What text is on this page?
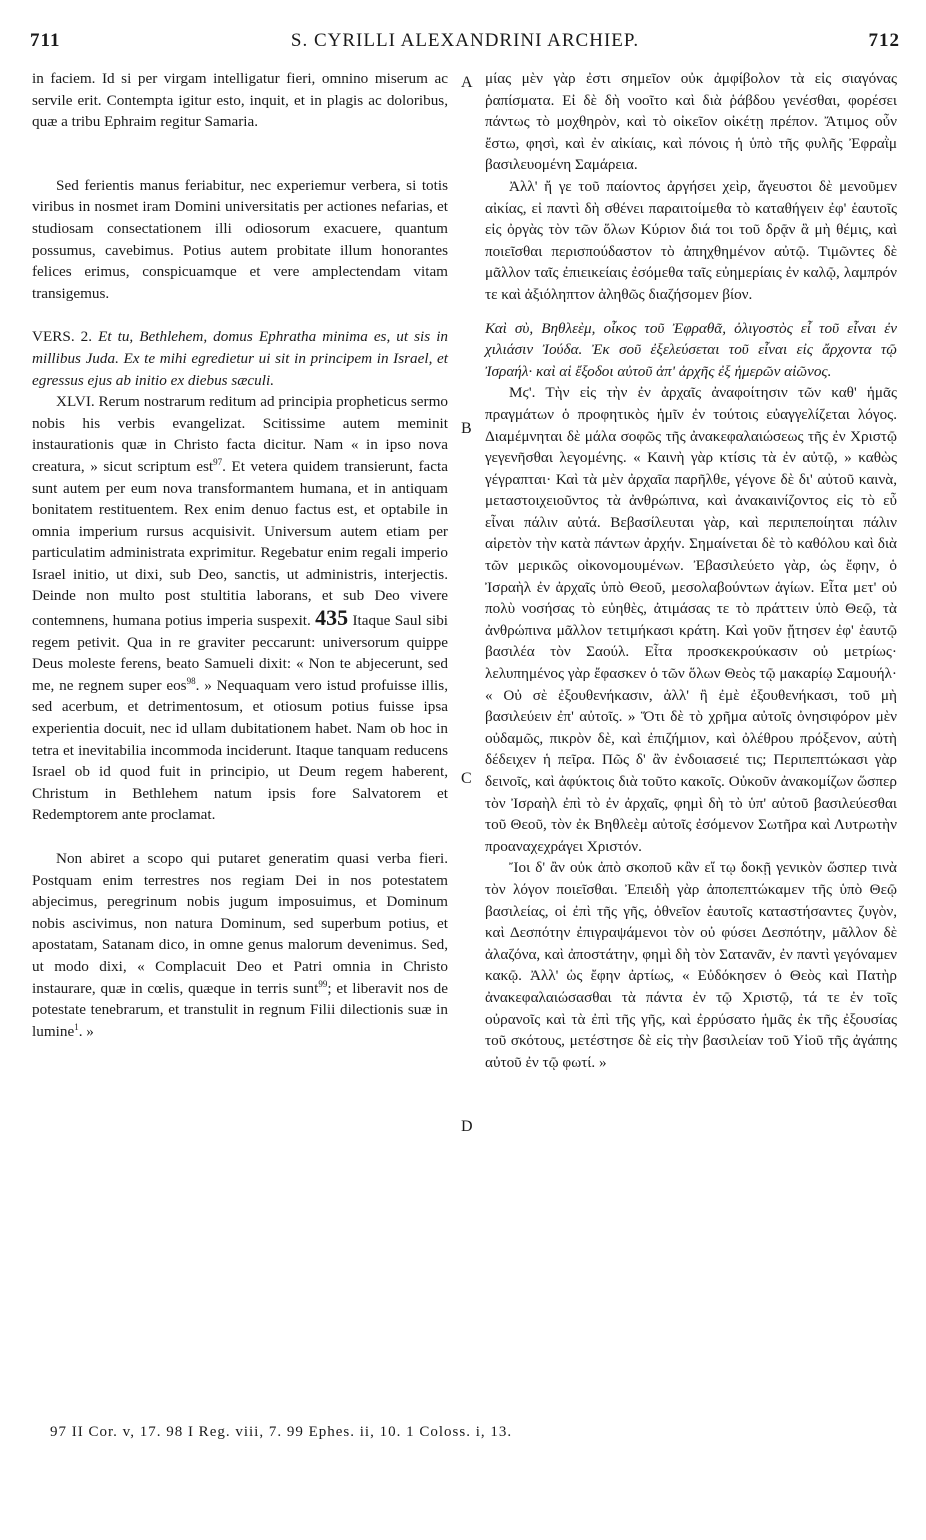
711	S. CYRILLI ALEXANDRINI ARCHIEP.	712
A
B
C
D

in faciem. Id si per virgam intelligatur fieri, omnino miserum ac servile erit. Contempta igitur esto, inquit, et in plagis ac doloribus, quæ a tribu Ephraim regitur Samaria.

Sed ferientis manus feriabitur, nec experiemur verbera, si totis viribus in nosmet iram Domini universitatis per actiones nefarias, et studiosam consectationem illi odiosorum exacuere, quantum possumus, cavebimus. Potius autem probitate illum honorantes felices erimus, conspicuamque et vere amplectendam vitam transigemus.

VERS. 2. Et tu, Bethlehem, domus Ephratha minima es, ut sis in millibus Juda. Ex te mihi egredietur ui sit in principem in Israel, et egressus ejus ab initio ex diebus sæculi.

XLVI. Rerum nostrarum reditum ad principia propheticus sermo nobis his verbis evangelizat. Scitissime autem meminit instaurationis quæ in Christo facta dicitur. Nam « in ipso nova creatura, » sicut scriptum est$^{97}$. Et vetera quidem transierunt, facta sunt autem per eum nova transformantem humana, et in antiquam bonitatem restituentem. Rex enim denuo factus est, et optabile in omnia imperium rursus acquisivit. Universum autem etiam per particulatim administrata exprimitur. Regebatur enim regali imperio Israel initio, ut dixi, sub Deo, sanctis, ut administris, interjectis. Deinde non multo post stultitia laborans, et sub Deo vivere contemnens, humana potius imperia suspexit. 435 Itaque Saul sibi regem petivit. Qua in re graviter peccarunt: universorum quippe Deus moleste ferens, beato Samueli dixit: « Non te abjecerunt, sed me, ne regnem super eos$^{98}$. » Nequaquam vero istud profuisse illis, sed acerbum, et detrimentosum, et otiosum potius fuisse ipsa experientia docuit, nec id ullam dubitationem habet. Nam ob hoc in tetra et inevitabilia incommoda inciderunt. Itaque tanquam reducens Israel ob id quod fuit in principio, ut Deum regem haberent, Christum in Bethlehem natum ipsis fore Salvatorem et Redemptorem ante proclamat.

Non abiret a scopo qui putaret generatim quasi verba fieri. Postquam enim terrestres nos regiam Dei in nos potestatem abjecimus, peregrinum nobis jugum imposuimus, et Dominum nobis ascivimus, non natura Dominum, sed superbum potius, et apostatam, Satanam dico, in omne genus malorum devenimus. Sed, ut modo dixi, « Complacuit Deo et Patri omnia in Christo instaurare, quæ in cœlis, quæque in terris sunt$^{99}$; et liberavit nos de potestate tenebrarum, et transtulit in regnum Filii dilectionis suæ in lumine$^1$. »

μίας μὲν γὰρ ἐστι σημεῖον οὐκ ἀμφίβολον τὰ εἰς σιαγόνας ῥαπίσματα. Εἰ δὲ δὴ νοοῖτο καὶ διὰ ῥάβδου γενέσθαι, φορέσει πάντως τὸ μοχθηρὸν, καὶ τὸ οἰκεῖον οἰκέτῃ πρέπον. Ἄτιμος οὖν ἔστω, φησὶ, καὶ ἐν αἰκίαις, καὶ πόνοις ἡ ὑπὸ τῆς φυλῆς Ἐφραῒμ βασιλευομένη Σαμάρεια.

Ἀλλ' ἤ γε τοῦ παίοντος ἀργήσει χεὶρ, ἄγευστοι δὲ μενοῦμεν αἰκίας, εἰ παντὶ δὴ σθένει παραιτοίμεθα τὸ καταθήγειν ἐφ' ἑαυτοῖς εἰς ὀργὰς τὸν τῶν ὅλων Κύριον διά τοι τοῦ δρᾷν ἃ μὴ θέμις, καὶ ποιεῖσθαι περισπούδαστον τὸ ἀπηχθημένον αὐτῷ. Τιμῶντες δὲ μᾶλλον ταῖς ἐπιεικείαις ἐσόμεθα ταῖς εὐημερίαις ἐν καλῷ, λαμπρόν τε καὶ ἀξιόληπτον ἀληθῶς διαζήσομεν βίον.

Καὶ σὺ, Βηθλεὲμ, οἶκος τοῦ Ἐφραθᾶ, ὀλιγοστὸς εἶ τοῦ εἶναι ἐν χιλιάσιν Ἰούδα. Ἐκ σοῦ ἐξελεύσεται τοῦ εἶναι εἰς ἄρχοντα τῷ Ἰσραήλ· καὶ αἱ ἔξοδοι αὐτοῦ ἀπ' ἀρχῆς ἐξ ἡμερῶν αἰῶνος.

Μϛ'. Τὴν εἰς τὴν ἐν ἀρχαῖς ἀναφοίτησιν τῶν καθ' ἡμᾶς πραγμάτων ὁ προφητικὸς ἡμῖν ἐν τούτοις εὐαγγελίζεται λόγος. Διαμέμνηται δὲ μάλα σοφῶς τῆς ἀνακεφαλαιώσεως τῆς ἐν Χριστῷ γεγενῆσθαι λεγομένης. « Καινὴ γὰρ κτίσις τὰ ἐν αὐτῷ, » καθὼς γέγραπται· Καὶ τὰ μὲν ἀρχαῖα παρῆλθε, γέγονε δὲ δι' αὐτοῦ καινὰ, μεταστοιχειοῦντος τὰ ἀνθρώπινα, καὶ ἀνακαινίζοντος εἰς τὸ εὖ εἶναι πάλιν αὐτά. Βεβασίλευται γὰρ, καὶ περιπεποίηται πάλιν αἱρετὸν τὴν κατὰ πάντων ἀρχήν. Σημαίνεται δὲ τὸ καθόλου καὶ διὰ τῶν μερικῶς οἰκονομουμένων. Ἐβασιλεύετο γὰρ, ὡς ἔφην, ὁ Ἰσραὴλ ἐν ἀρχαῖς ὑπὸ Θεοῦ, μεσολαβούντων ἁγίων. Εἶτα μετ' οὐ πολὺ νοσήσας τὸ εὐηθὲς, ἀτιμάσας τε τὸ πράττειν ὑπὸ Θεῷ, τὰ ἀνθρώπινα μᾶλλον τετιμήκασι κράτη. Καὶ γοῦν ᾔτησεν ἐφ' ἑαυτῷ βασιλέα τὸν Σαούλ. Εἶτα προσκεκρούκασιν οὐ μετρίως· λελυπημένος γὰρ ἔφασκεν ὁ τῶν ὅλων Θεὸς τῷ μακαρίῳ Σαμουήλ· « Οὐ σὲ ἐξουθενήκασιν, ἀλλ' ἢ ἐμὲ ἐξουθενήκασι, τοῦ μὴ βασιλεύειν ἐπ' αὐτοῖς. » Ὅτι δὲ τὸ χρῆμα αὐτοῖς ὀνησιφόρον μὲν οὐδαμῶς, πικρὸν δὲ, καὶ ἐπιζήμιον, καὶ ὀλέθρου πρόξενον, αὐτὴ δέδειχεν ἡ πεῖρα. Πῶς δ' ἂν ἐνδοιασειέ τις; Περιπεπτώκασι γὰρ δεινοῖς, καὶ ἀφύκτοις διὰ τοῦτο κακοῖς. Οὐκοῦν ἀνακομίζων ὥσπερ τὸν Ἰσραὴλ ἐπὶ τὸ ἐν ἀρχαῖς, φημὶ δὴ τὸ ὑπ' αὐτοῦ βασιλεύεσθαι τοῦ Θεοῦ, τὸν ἐκ Βηθλεὲμ αὐτοῖς ἐσόμενον Σωτῆρα καὶ Λυτρωτὴν προαναχεχράγει Χριστόν.

Ἴοι δ' ἂν οὐκ ἀπὸ σκοποῦ κἂν εἴ τῳ δοκῇ γενικὸν ὥσπερ τινὰ τὸν λόγον ποιεῖσθαι. Ἐπειδὴ γὰρ ἀποπεπτώκαμεν τῆς ὑπὸ Θεῷ βασιλείας, οἱ ἐπὶ τῆς γῆς, ὀθνεῖον ἑαυτοῖς καταστήσαντες ζυγὸν, καὶ Δεσπότην ἐπιγραψάμενοι τὸν οὐ φύσει Δεσπότην, μᾶλλον δὲ ἀλαζόνα, καὶ ἀποστάτην, φημὶ δὴ τὸν Σατανᾶν, ἐν παντὶ γεγόναμεν κακῷ. Ἀλλ' ὡς ἔφην ἀρτίως, « Εὐδόκησεν ὁ Θεὸς καὶ Πατὴρ ἀνακεφαλαιώσασθαι τὰ πάντα ἐν τῷ Χριστῷ, τά τε ἐν τοῖς οὐρανοῖς καὶ τὰ ἐπὶ τῆς γῆς, καὶ ἐρρύσατο ἡμᾶς ἐκ τῆς ἐξουσίας τοῦ σκότους, μετέστησε δὲ εἰς τὴν βασιλείαν τοῦ Υἱοῦ τῆς ἀγάπης αὐτοῦ ἐν τῷ φωτί. »

97 II Cor. v, 17. 98 I Reg. viii, 7. 99 Ephes. ii, 10. 1 Coloss. i, 13.
